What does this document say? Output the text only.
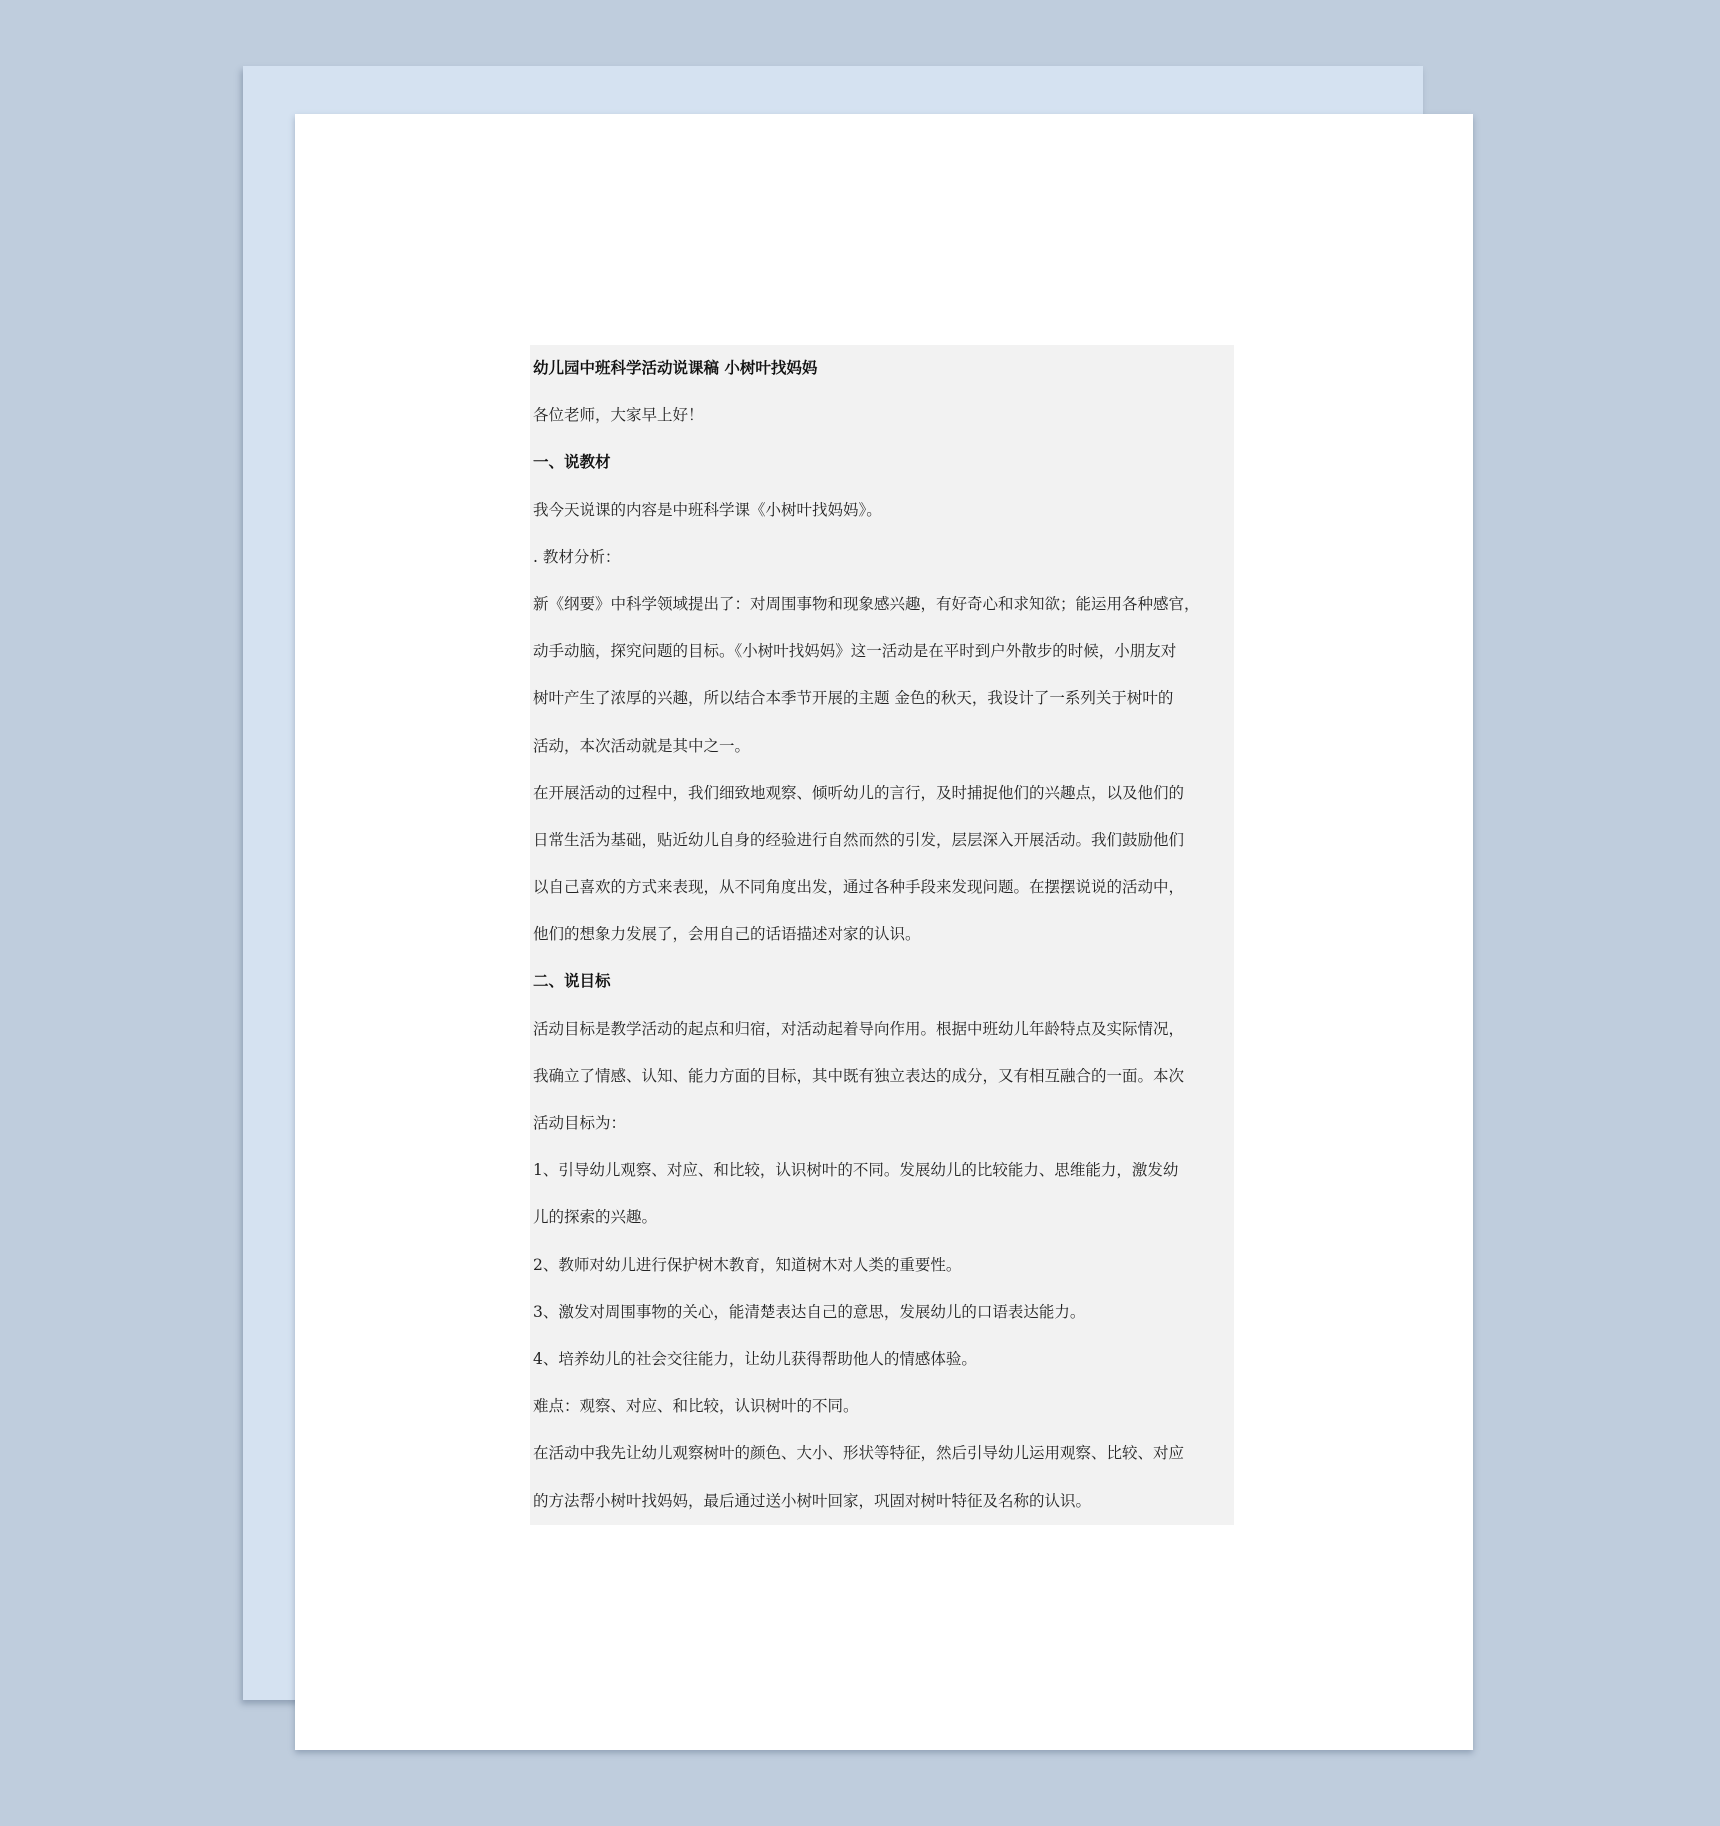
幼儿园中班科学活动说课稿 小树叶找妈妈

各位老师，大家早上好！

一、说教材

我今天说课的内容是中班科学课《小树叶找妈妈》。

. 教材分析：

新《纲要》中科学领域提出了：对周围事物和现象感兴趣，有好奇心和求知欲；能运用各种感官，

动手动脑，探究问题的目标。《小树叶找妈妈》这一活动是在平时到户外散步的时候，小朋友对

树叶产生了浓厚的兴趣，所以结合本季节开展的主题 金色的秋天，我设计了一系列关于树叶的

活动，本次活动就是其中之一。

在开展活动的过程中，我们细致地观察、倾听幼儿的言行，及时捕捉他们的兴趣点，以及他们的

日常生活为基础，贴近幼儿自身的经验进行自然而然的引发，层层深入开展活动。我们鼓励他们

以自己喜欢的方式来表现，从不同角度出发，通过各种手段来发现问题。在摆摆说说的活动中，

他们的想象力发展了，会用自己的话语描述对家的认识。

二、说目标

活动目标是教学活动的起点和归宿，对活动起着导向作用。根据中班幼儿年龄特点及实际情况，

我确立了情感、认知、能力方面的目标，其中既有独立表达的成分，又有相互融合的一面。本次

活动目标为：

1、引导幼儿观察、对应、和比较，认识树叶的不同。发展幼儿的比较能力、思维能力，激发幼

儿的探索的兴趣。

2、教师对幼儿进行保护树木教育，知道树木对人类的重要性。

3、激发对周围事物的关心，能清楚表达自己的意思，发展幼儿的口语表达能力。

4、培养幼儿的社会交往能力，让幼儿获得帮助他人的情感体验。

难点：观察、对应、和比较，认识树叶的不同。

在活动中我先让幼儿观察树叶的颜色、大小、形状等特征，然后引导幼儿运用观察、比较、对应

的方法帮小树叶找妈妈，最后通过送小树叶回家，巩固对树叶特征及名称的认识。
